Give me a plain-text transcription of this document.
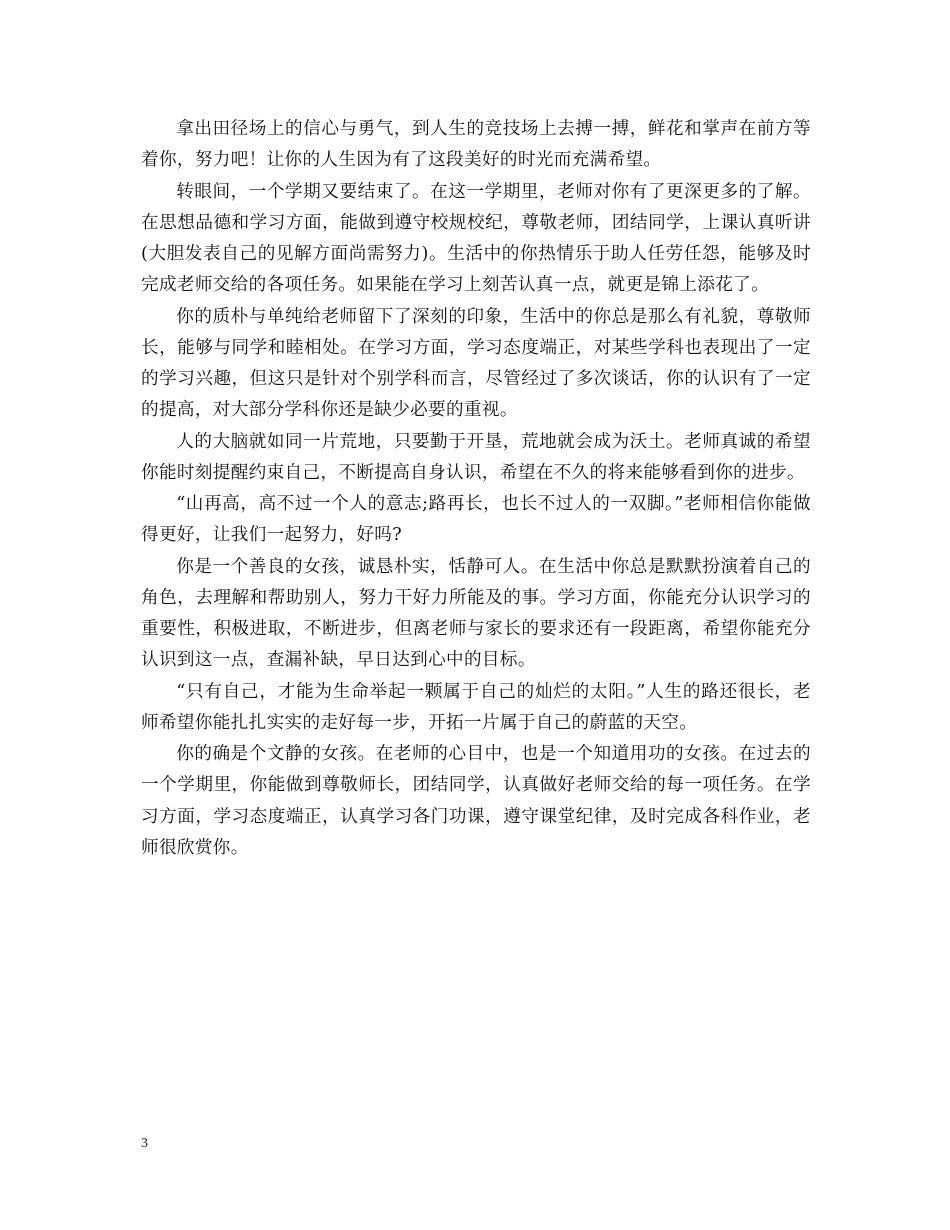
拿出田径场上的信心与勇气，到人生的竞技场上去搏一搏，鲜花和掌声在前方等着你，努力吧！让你的人生因为有了这段美好的时光而充满希望。

转眼间，一个学期又要结束了。在这一学期里，老师对你有了更深更多的了解。在思想品德和学习方面，能做到遵守校规校纪，尊敬老师，团结同学，上课认真听讲(大胆发表自己的见解方面尚需努力)。生活中的你热情乐于助人任劳任怨，能够及时完成老师交给的各项任务。如果能在学习上刻苦认真一点，就更是锦上添花了。

你的质朴与单纯给老师留下了深刻的印象，生活中的你总是那么有礼貌，尊敬师长，能够与同学和睦相处。在学习方面，学习态度端正，对某些学科也表现出了一定的学习兴趣，但这只是针对个别学科而言，尽管经过了多次谈话，你的认识有了一定的提高，对大部分学科你还是缺少必要的重视。

人的大脑就如同一片荒地，只要勤于开垦，荒地就会成为沃土。老师真诚的希望你能时刻提醒约束自己，不断提高自身认识，希望在不久的将来能够看到你的进步。

“山再高，高不过一个人的意志;路再长，也长不过人的一双脚。”老师相信你能做得更好，让我们一起努力，好吗?

你是一个善良的女孩，诚恳朴实，恬静可人。在生活中你总是默默扮演着自己的角色，去理解和帮助别人，努力干好力所能及的事。学习方面，你能充分认识学习的重要性，积极进取，不断进步，但离老师与家长的要求还有一段距离，希望你能充分认识到这一点，查漏补缺，早日达到心中的目标。

“只有自己，才能为生命举起一颗属于自己的灿烂的太阳。”人生的路还很长，老师希望你能扎扎实实的走好每一步，开拓一片属于自己的蔚蓝的天空。

你的确是个文静的女孩。在老师的心目中，也是一个知道用功的女孩。在过去的一个学期里，你能做到尊敬师长，团结同学，认真做好老师交给的每一项任务。在学习方面，学习态度端正，认真学习各门功课，遵守课堂纪律，及时完成各科作业，老师很欣赏你。

3
